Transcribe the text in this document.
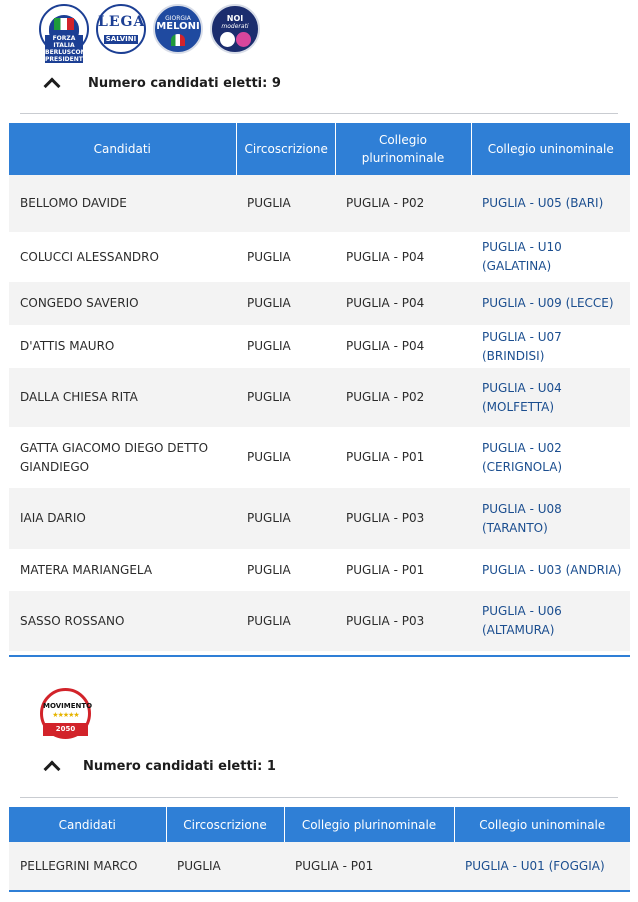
FORZA ITALIA BERLUSCONI PRESIDENTE
LEGA
SALVINI
GIORGIA
MELONI
NOI
moderati
Numero candidati eletti: 9
Candidati	Circoscrizione	Collegio plurinominale	Collegio uninominale
BELLOMO DAVIDE	PUGLIA	PUGLIA - P02	PUGLIA - U05 (BARI)
COLUCCI ALESSANDRO	PUGLIA	PUGLIA - P04	PUGLIA - U10 (GALATINA)
CONGEDO SAVERIO	PUGLIA	PUGLIA - P04	PUGLIA - U09 (LECCE)
D'ATTIS MAURO	PUGLIA	PUGLIA - P04	PUGLIA - U07 (BRINDISI)
DALLA CHIESA RITA	PUGLIA	PUGLIA - P02	PUGLIA - U04 (MOLFETTA)
GATTA GIACOMO DIEGO DETTO GIANDIEGO	PUGLIA	PUGLIA - P01	PUGLIA - U02 (CERIGNOLA)
IAIA DARIO	PUGLIA	PUGLIA - P03	PUGLIA - U08 (TARANTO)
MATERA MARIANGELA	PUGLIA	PUGLIA - P01	PUGLIA - U03 (ANDRIA)
SASSO ROSSANO	PUGLIA	PUGLIA - P03	PUGLIA - U06 (ALTAMURA)
MOVIMENTO
★★★★★
2050
Numero candidati eletti: 1
Candidati	Circoscrizione	Collegio plurinominale	Collegio uninominale
PELLEGRINI MARCO	PUGLIA	PUGLIA - P01	PUGLIA - U01 (FOGGIA)
